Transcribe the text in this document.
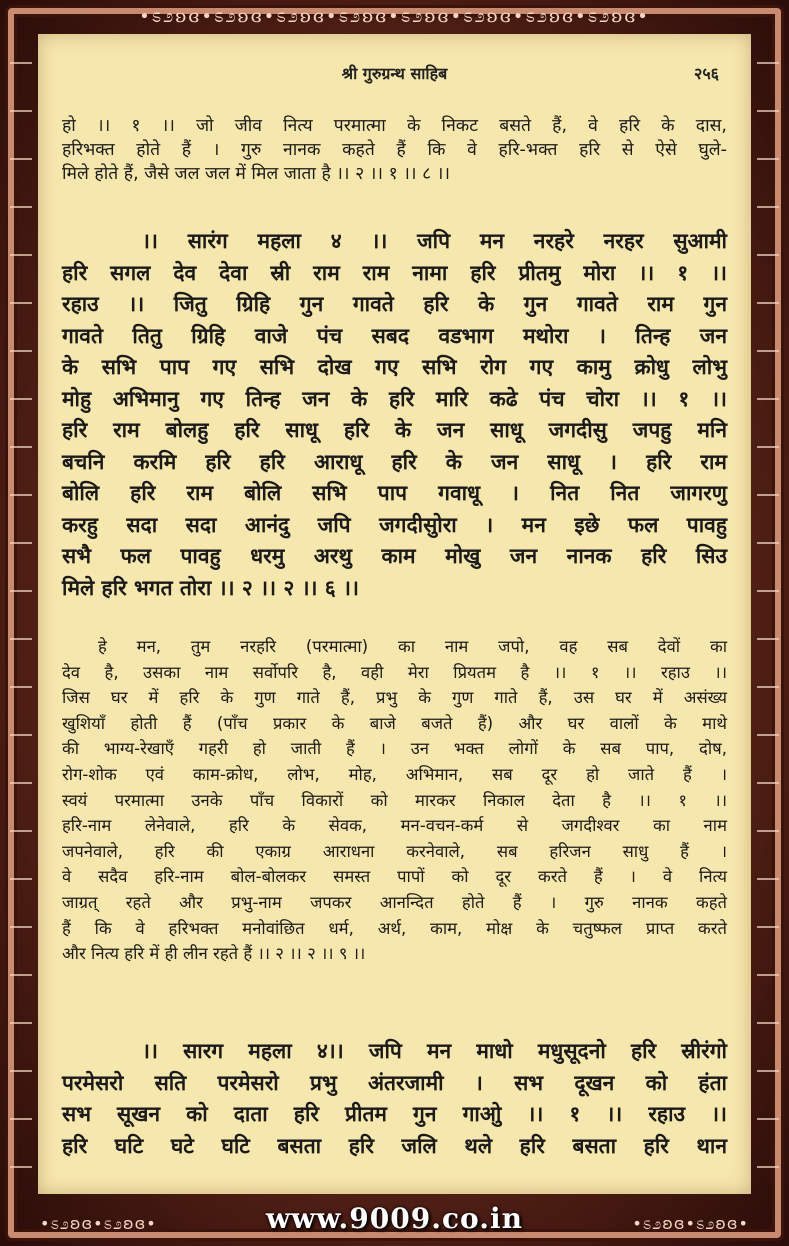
•ಽ೨ʚɞ•ಽ೨ʚɞ•ಽ೨ʚɞ•ಽ೨ʚɞ•ಽ೨ʚɞ•ಽ೨ʚɞ•ಽ೨ʚɞ•ಽ೨ʚɞ•
श्री गुरुग्रन्थ साहिब	२५६
हो ।। १ ।। जो जीव नित्य परमात्मा के निकट बसते हैं, वे हरि के दास,
हरिभक्त होते हैं । गुरु नानक कहते हैं कि वे हरि-भक्त हरि से ऐसे घुले-
मिले होते हैं, जैसे जल जल में मिल जाता है ।। २ ।। १ ।। ८ ।।
।। सारंग महला ४ ।। जपि मन नरहरे नरहर सुआमी
हरि सगल देव देवा स्री राम राम नामा हरि प्रीतमु मोरा ।। १ ।।
रहाउ ।। जितु ग्रिहि गुन गावते हरि के गुन गावते राम गुन
गावते तितु ग्रिहि वाजे पंच सबद वडभाग मथोरा । तिन्ह जन
के सभि पाप गए सभि दोख गए सभि रोग गए कामु क्रोधु लोभु
मोहु अभिमानु गए तिन्ह जन के हरि मारि कढे पंच चोरा ।। १ ।।
हरि राम बोलहु हरि साधू हरि के जन साधू जगदीसु जपहु मनि
बचनि करमि हरि हरि आराधू हरि के जन साधू । हरि राम
बोलि हरि राम बोलि सभि पाप गवाधू । नित नित जागरणु
करहु सदा सदा आनंदु जपि जगदीसुोरा । मन इछे फल पावहु
सभै फल पावहु धरमु अरथु काम मोखु जन नानक हरि सिउ
मिले हरि भगत तोरा ।। २ ।। २ ।। ६ ।।
हे मन, तुम नरहरि (परमात्मा) का नाम जपो, वह सब देवों का
देव है, उसका नाम सर्वोपरि है, वही मेरा प्रियतम है ।। १ ।। रहाउ ।।
जिस घर में हरि के गुण गाते हैं, प्रभु के गुण गाते हैं, उस घर में असंख्य
खुशियाँ होती हैं (पाँच प्रकार के बाजे बजते हैं) और घर वालों के माथे
की भाग्य-रेखाएँ गहरी हो जाती हैं । उन भक्त लोगों के सब पाप, दोष,
रोग-शोक एवं काम-क्रोध, लोभ, मोह, अभिमान, सब दूर हो जाते हैं ।
स्वयं परमात्मा उनके पाँच विकारों को मारकर निकाल देता है ।। १ ।।
हरि-नाम लेनेवाले, हरि के सेवक, मन-वचन-कर्म से जगदीश्वर का नाम
जपनेवाले, हरि की एकाग्र आराधना करनेवाले, सब हरिजन साधु हैं ।
वे सदैव हरि-नाम बोल-बोलकर समस्त पापों को दूर करते हैं । वे नित्य
जाग्रत् रहते और प्रभु-नाम जपकर आनन्दित होते हैं । गुरु नानक कहते
हैं कि वे हरिभक्त मनोवांछित धर्म, अर्थ, काम, मोक्ष के चतुष्फल प्राप्त करते
और नित्य हरि में ही लीन रहते हैं ।। २ ।। २ ।। ९ ।।
।। सारग महला ४।। जपि मन माधो मधुसूदनो हरि स्रीरंगो
परमेसरो सति परमेसरो प्रभु अंतरजामी । सभ दूखन को हंता
सभ सूखन को दाता हरि प्रीतम गुन गाओु ।। १ ।। रहाउ ।।
हरि घटि घटे घटि बसता हरि जलि थले हरि बसता हरि थान
•ಽ೨ʚɞ•ಽ೨ʚɞ•	www.9009.co.in	•ಽ೨ʚɞ•ಽ೨ʚɞ•
